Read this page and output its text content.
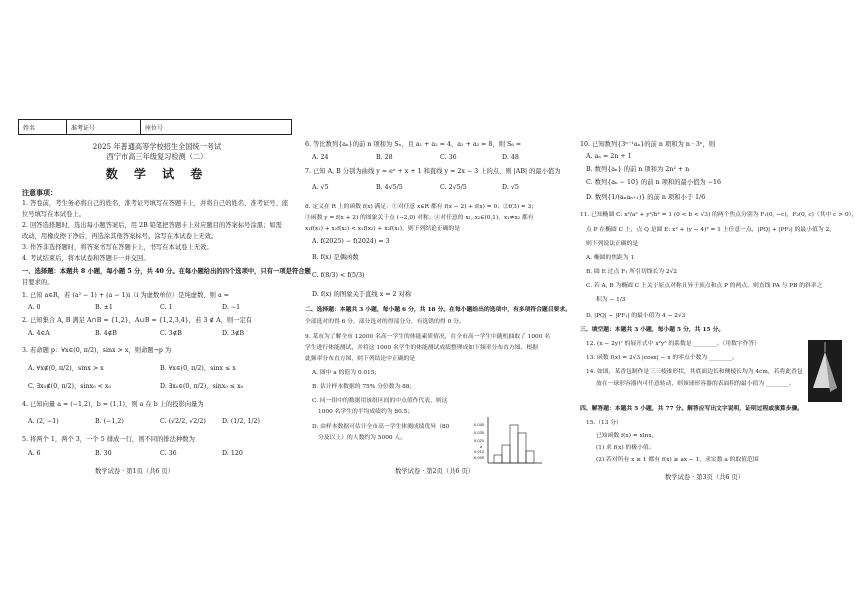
姓名	准考证号	座位号
2025 年普通高等学校招生全国统一考试
西宁市高三年级复习检测（二）
数 学 试 卷
注意事项：
1. 答卷前，考生务必将自己的姓名、准考证号填写在答题卡上，并将自己的姓名、准考证号、座
位号填写在本试卷上。
2. 回答选择题时，选出每小题答案后，用 2B 铅笔把答题卡上对应题目的答案标号涂黑；如需
改动，用橡皮擦干净后，再选涂其他答案标号。涂写在本试卷上无效。
3. 作答非选择题时，将答案书写在答题卡上，书写在本试卷上无效。
4. 考试结束后，将本试卷和答题卡一并交回。
一、选择题：本题共 8 小题，每小题 5 分，共 40 分。在每小题给出的四个选项中，只有一项是符合题
目要求的。
1. 已知 a∈R，若 (a² − 1) + (a − 1)i（i 为虚数单位）是纯虚数，则 a =
A. 0	B. ±1	C. 1	D. −1
2. 已知集合 A, B 满足 A∩B = {1,2}，A∪B = {1,2,3,4}，若 3 ∉ A，则一定有
A. 4∈A	B. 4∉B	C. 3∉B	D. 3∉B
3. 若命题 p：∀x∈(0, π/2)，sinx > x，则命题¬p 为
A. ∀x∉(0, π/2)，sinx > x	B. ∀x∈(0, π/2)，sinx ≤ x
C. ∃x₀∉(0, π/2)，sinx₀ < x₀	D. ∃x₀∈(0, π/2)，sinx₀ ≤ x₀
4. 已知向量 a = (−1,2)，b = (1,1)，则 a 在 b 上的投影向量为
A. (2, −1)	B. (−1,2)	C. (√2/2, √2/2)	D. (1/2, 1/2)
5. 将两个 1，两个 3，一个 5 排成一行，则不同的排法种数为
A. 6	B. 30	C. 36	D. 120
数学试卷 · 第1页（共6 页）
6. 等比数列{aₙ}的前 n 项和为 Sₙ，且 a₁ + a₂ = 4，a₂ + a₃ = 8，则 S₆ =
A. 24	B. 28	C. 36	D. 48
7. 已知 A, B 分别为曲线 y = eˣ + x + 1 和直线 y = 2x − 3 上的点，则 |AB| 的最小值为
A. √5	B. 4√5/5	C. 2√5/5	D. √5
8. 定义在 R 上的函数 f(x) 满足：①对任意 x∈R 都有 f(x − 2) + f(x) = 0；②f(3) = 3；
③函数 y = f(x + 2) 的图象关于点 (−2,0) 对称；④对任意的 x₁, x₂∈(0,1)，x₁≠x₂ 都有
x₁f(x₁) + x₂f(x₂) < x₁f(x₂) + x₂f(x₁)，则下列结论正确的是
A. f(2025) − f(2024) = 3
B. f(x) 是偶函数
C. f(8/3) < f(5/3)
D. f(x) 的图象关于直线 x = 2 对称
二、选择题：本题共 3 小题，每小题 6 分，共 18 分。在每小题给出的选项中，有多项符合题目要求。
全部选对的得 6 分，部分选对的得部分分，有选错的得 0 分。
9. 某市为了解全市 12000 名高一学生的体能素质情况，在全市高一学生中随机抽取了 1000 名
学生进行体能测试，并将这 1000 名学生的体能测试成绩整理成如下频率分布直方图。根据
此频率分布直方图，则下列结论中正确的是
A. 图中 a 的值为 0.015；
B. 估计样本数据的 75% 分位数为 88；
C. 同一组中的数据用该组区间的中点值作代表，则这
1000 名学生的平均成绩约为 80.5；
D. 由样本数据可估计全市高一学生体测成绩优异（80
分及以上）的人数约为 5000 人。
0.045
0.035
0.025
a
0.010
0.005
数学试卷 · 第2页（共6 页）
10. 已知数列{3ⁿ⁻¹aₙ}的前 n 项和为 n · 3ⁿ，则
A. aₙ = 2n + 1
B. 数列{aₙ} 的前 n 项和为 2n² + n
C. 数列{aₙ − 10} 的前 n 项和的最小值为 −16
D. 数列{1/(aₙaₙ₊₁)} 的前 n 项和小于 1/6
11. 已知椭圆 C: x²/a² + y²/b² = 1 (0 < b < √3) 的两个焦点分别为 F₁(0, −c)，F₂(0, c)（其中 c > 0），
点 P 在椭圆 C 上，点 Q 是圆 E: x² + (y − 4)² = 1 上任意一点，|PQ| + |PF₂| 的最小值为 2，
则下列说法正确的是
A. 椭圆的焦距为 1
B. 圆 E 过点 F₁ 所引切线长为 2√2
C. 若 A, B 为椭圆 C 上关于原点对称且异于顶点和点 P 的两点，则直线 PA 与 PB 的斜率之
积为 − 1/3
D. |PQ| − |PF₁| 的最小值为 4 − 2√3
三、填空题：本题共 3 小题，每小题 5 分，共 15 分。
12. (x − 2y)⁷ 的展开式中 x²y⁵ 的系数是 ________。（用数字作答）
13. 函数 f(x) = 2√3 |cosx| − x 的零点个数为 ________。
14. 如图，某香包制作是三三棱锥形状，其底面边长和侧棱长均为 4cm，若将此香包
放在一球形容器内可任意转动，则该球形容器的表面积的最小值为 ________。
四、解答题：本题共 5 小题，共 77 分。解答应写出文字说明，证明过程或演算步骤。
15.（13 分）
已知函数 f(x) = xlnx。
(1) 求 f(x) 的极小值；
(2) 若对所有 x ≥ 1 都有 f(x) ≥ ax − 1，求实数 a 的取值范围
数学试卷 · 第3页（共6 页）
